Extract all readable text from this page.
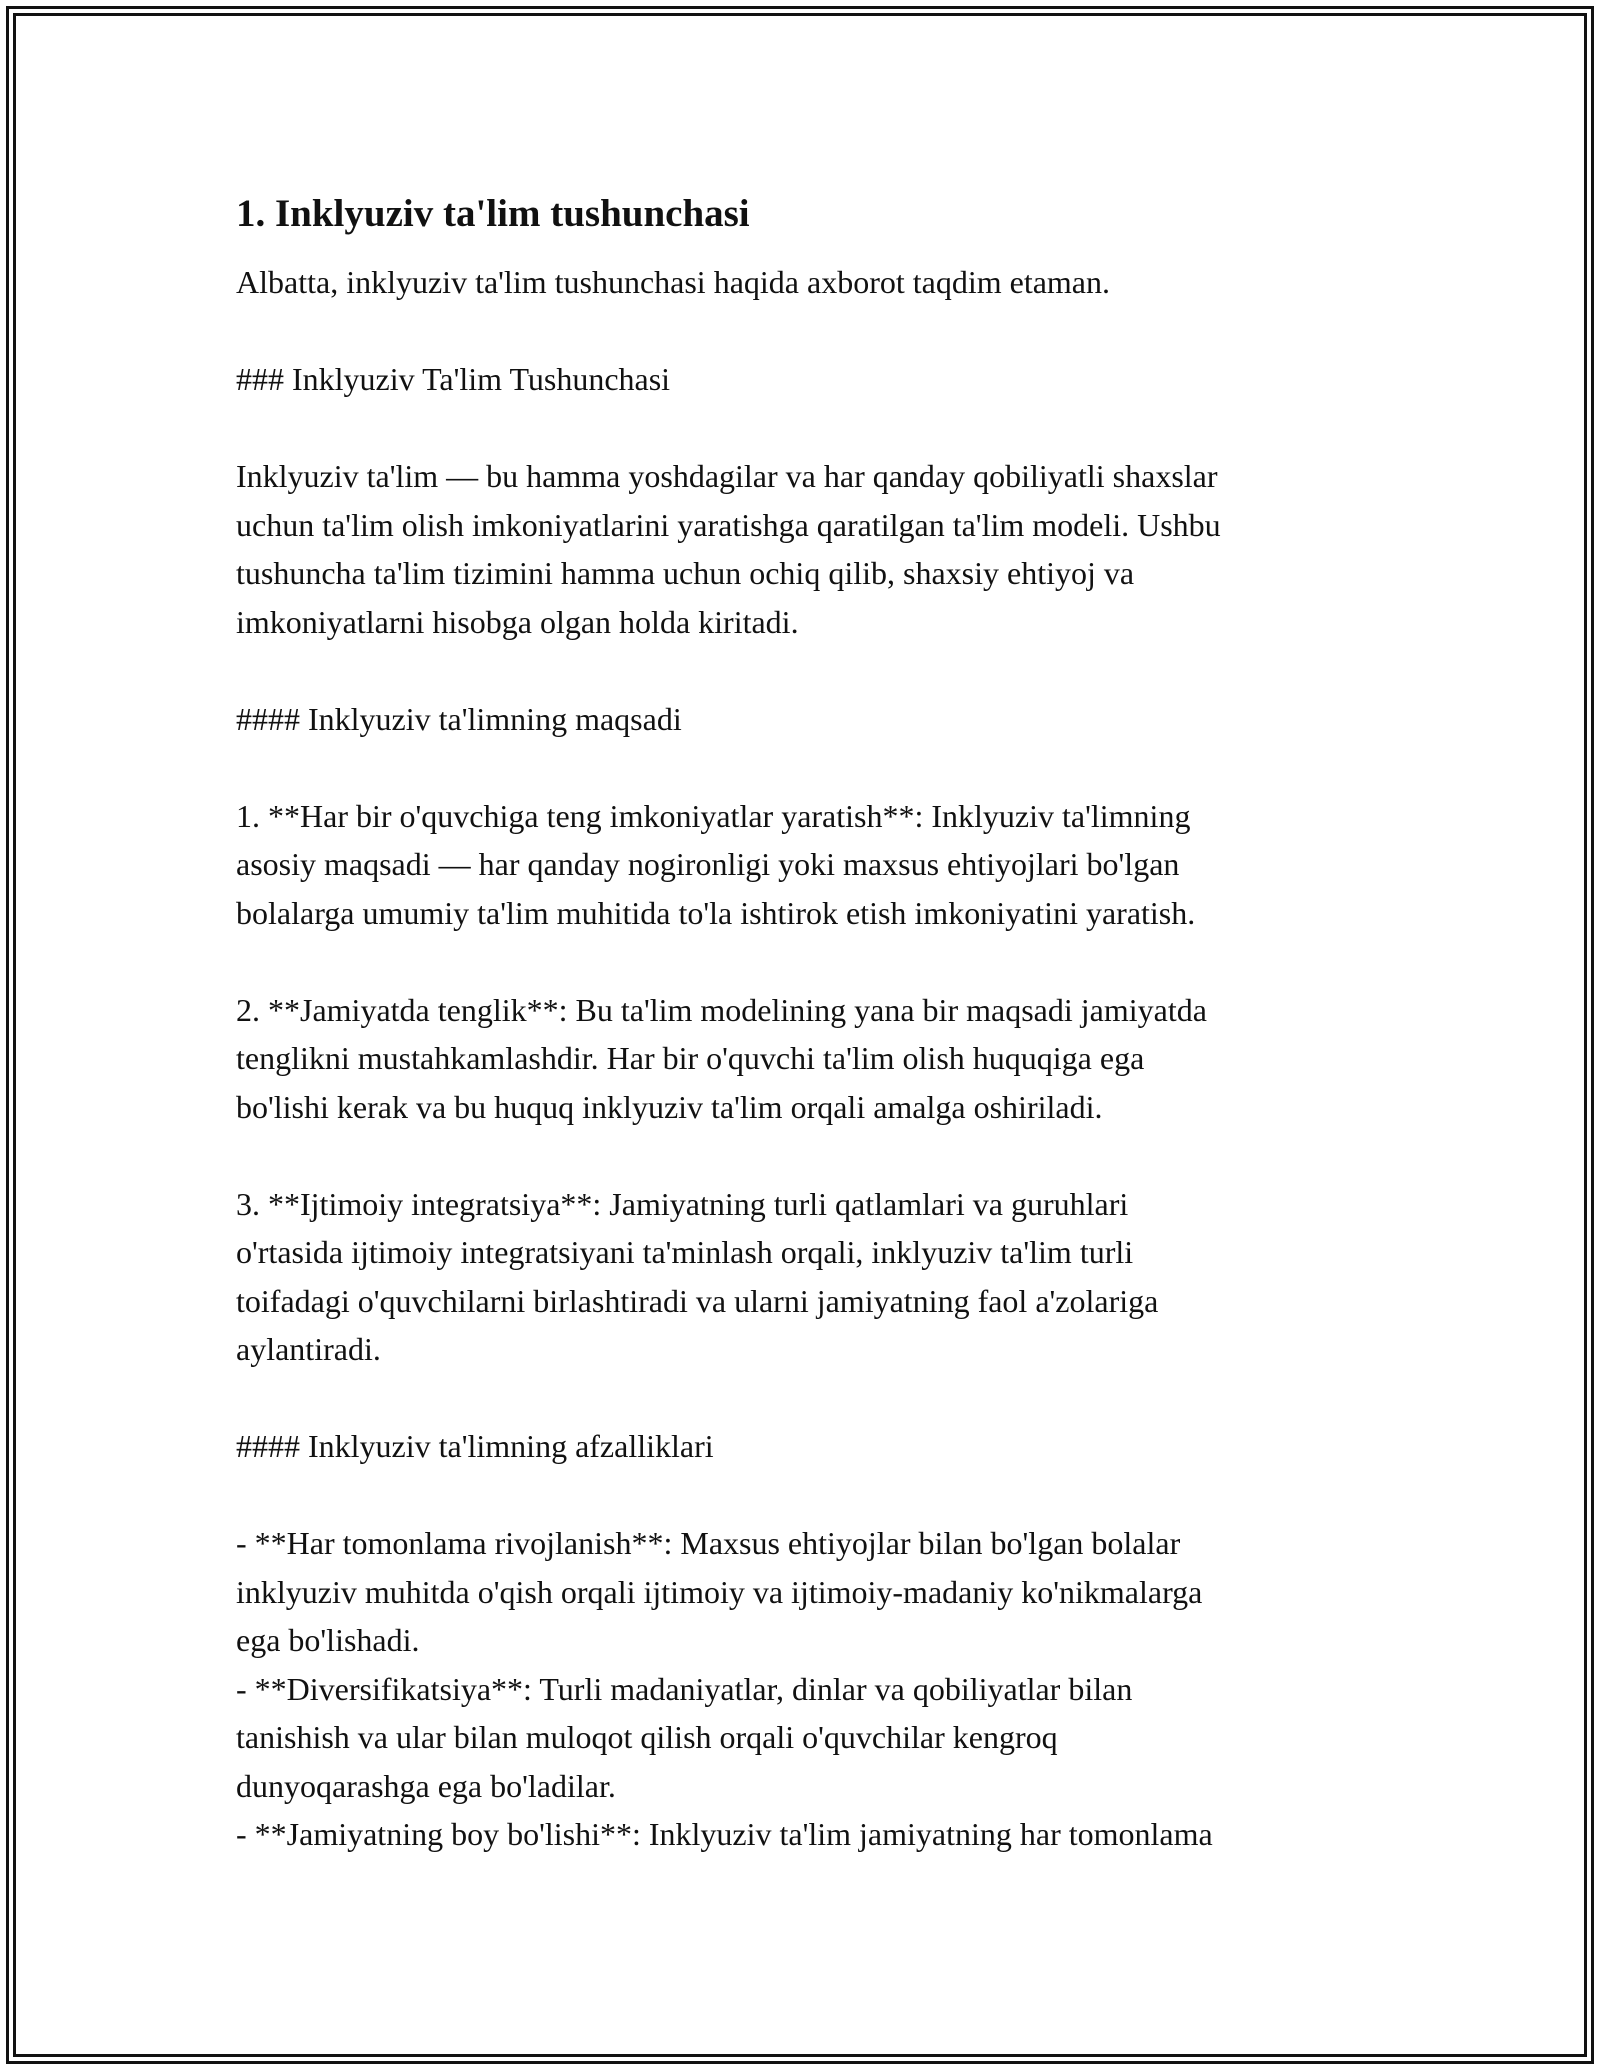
1. Inklyuziv ta'lim tushunchasi

Albatta, inklyuziv ta'lim tushunchasi haqida axborot taqdim etaman.

### Inklyuziv Ta'lim Tushunchasi

Inklyuziv ta'lim — bu hamma yoshdagilar va har qanday qobiliyatli shaxslar
uchun ta'lim olish imkoniyatlarini yaratishga qaratilgan ta'lim modeli. Ushbu
tushuncha ta'lim tizimini hamma uchun ochiq qilib, shaxsiy ehtiyoj va
imkoniyatlarni hisobga olgan holda kiritadi.

#### Inklyuziv ta'limning maqsadi

1. **Har bir o'quvchiga teng imkoniyatlar yaratish**: Inklyuziv ta'limning
asosiy maqsadi — har qanday nogironligi yoki maxsus ehtiyojlari bo'lgan
bolalarga umumiy ta'lim muhitida to'la ishtirok etish imkoniyatini yaratish.

2. **Jamiyatda tenglik**: Bu ta'lim modelining yana bir maqsadi jamiyatda
tenglikni mustahkamlashdir. Har bir o'quvchi ta'lim olish huquqiga ega
bo'lishi kerak va bu huquq inklyuziv ta'lim orqali amalga oshiriladi.

3. **Ijtimoiy integratsiya**: Jamiyatning turli qatlamlari va guruhlari
o'rtasida ijtimoiy integratsiyani ta'minlash orqali, inklyuziv ta'lim turli
toifadagi o'quvchilarni birlashtiradi va ularni jamiyatning faol a'zolariga
aylantiradi.

#### Inklyuziv ta'limning afzalliklari

- **Har tomonlama rivojlanish**: Maxsus ehtiyojlar bilan bo'lgan bolalar
inklyuziv muhitda o'qish orqali ijtimoiy va ijtimoiy-madaniy ko'nikmalarga
ega bo'lishadi.

- **Diversifikatsiya**: Turli madaniyatlar, dinlar va qobiliyatlar bilan
tanishish va ular bilan muloqot qilish orqali o'quvchilar kengroq
dunyoqarashga ega bo'ladilar.

- **Jamiyatning boy bo'lishi**: Inklyuziv ta'lim jamiyatning har tomonlama
